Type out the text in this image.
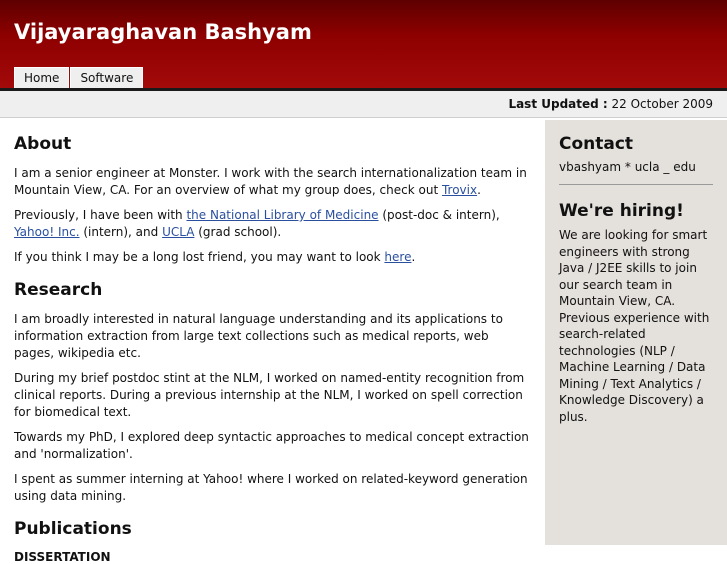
Vijayaraghavan Bashyam
Home	Software
Last Updated : 22 October 2009
About

I am a senior engineer at Monster. I work with the search internationalization team in Mountain View, CA. For an overview of what my group does, check out Trovix.

Previously, I have been with the National Library of Medicine (post-doc & intern), Yahoo! Inc. (intern), and UCLA (grad school).

If you think I may be a long lost friend, you may want to look here.

Research

I am broadly interested in natural language understanding and its applications to information extraction from large text collections such as medical reports, web pages, wikipedia etc.

During my brief postdoc stint at the NLM, I worked on named-entity recognition from clinical reports. During a previous internship at the NLM, I worked on spell correction for biomedical text.

Towards my PhD, I explored deep syntactic approaches to medical concept extraction and 'normalization'.

I spent as summer interning at Yahoo! where I worked on related-keyword generation using data mining.

Publications
DISSERTATION
Contact
vbashyam * ucla _ edu
We're hiring!

We are looking for smart engineers with strong Java / J2EE skills to join our search team in Mountain View, CA. Previous experience with search-related technologies (NLP / Machine Learning / Data Mining / Text Analytics / Knowledge Discovery) a plus.
